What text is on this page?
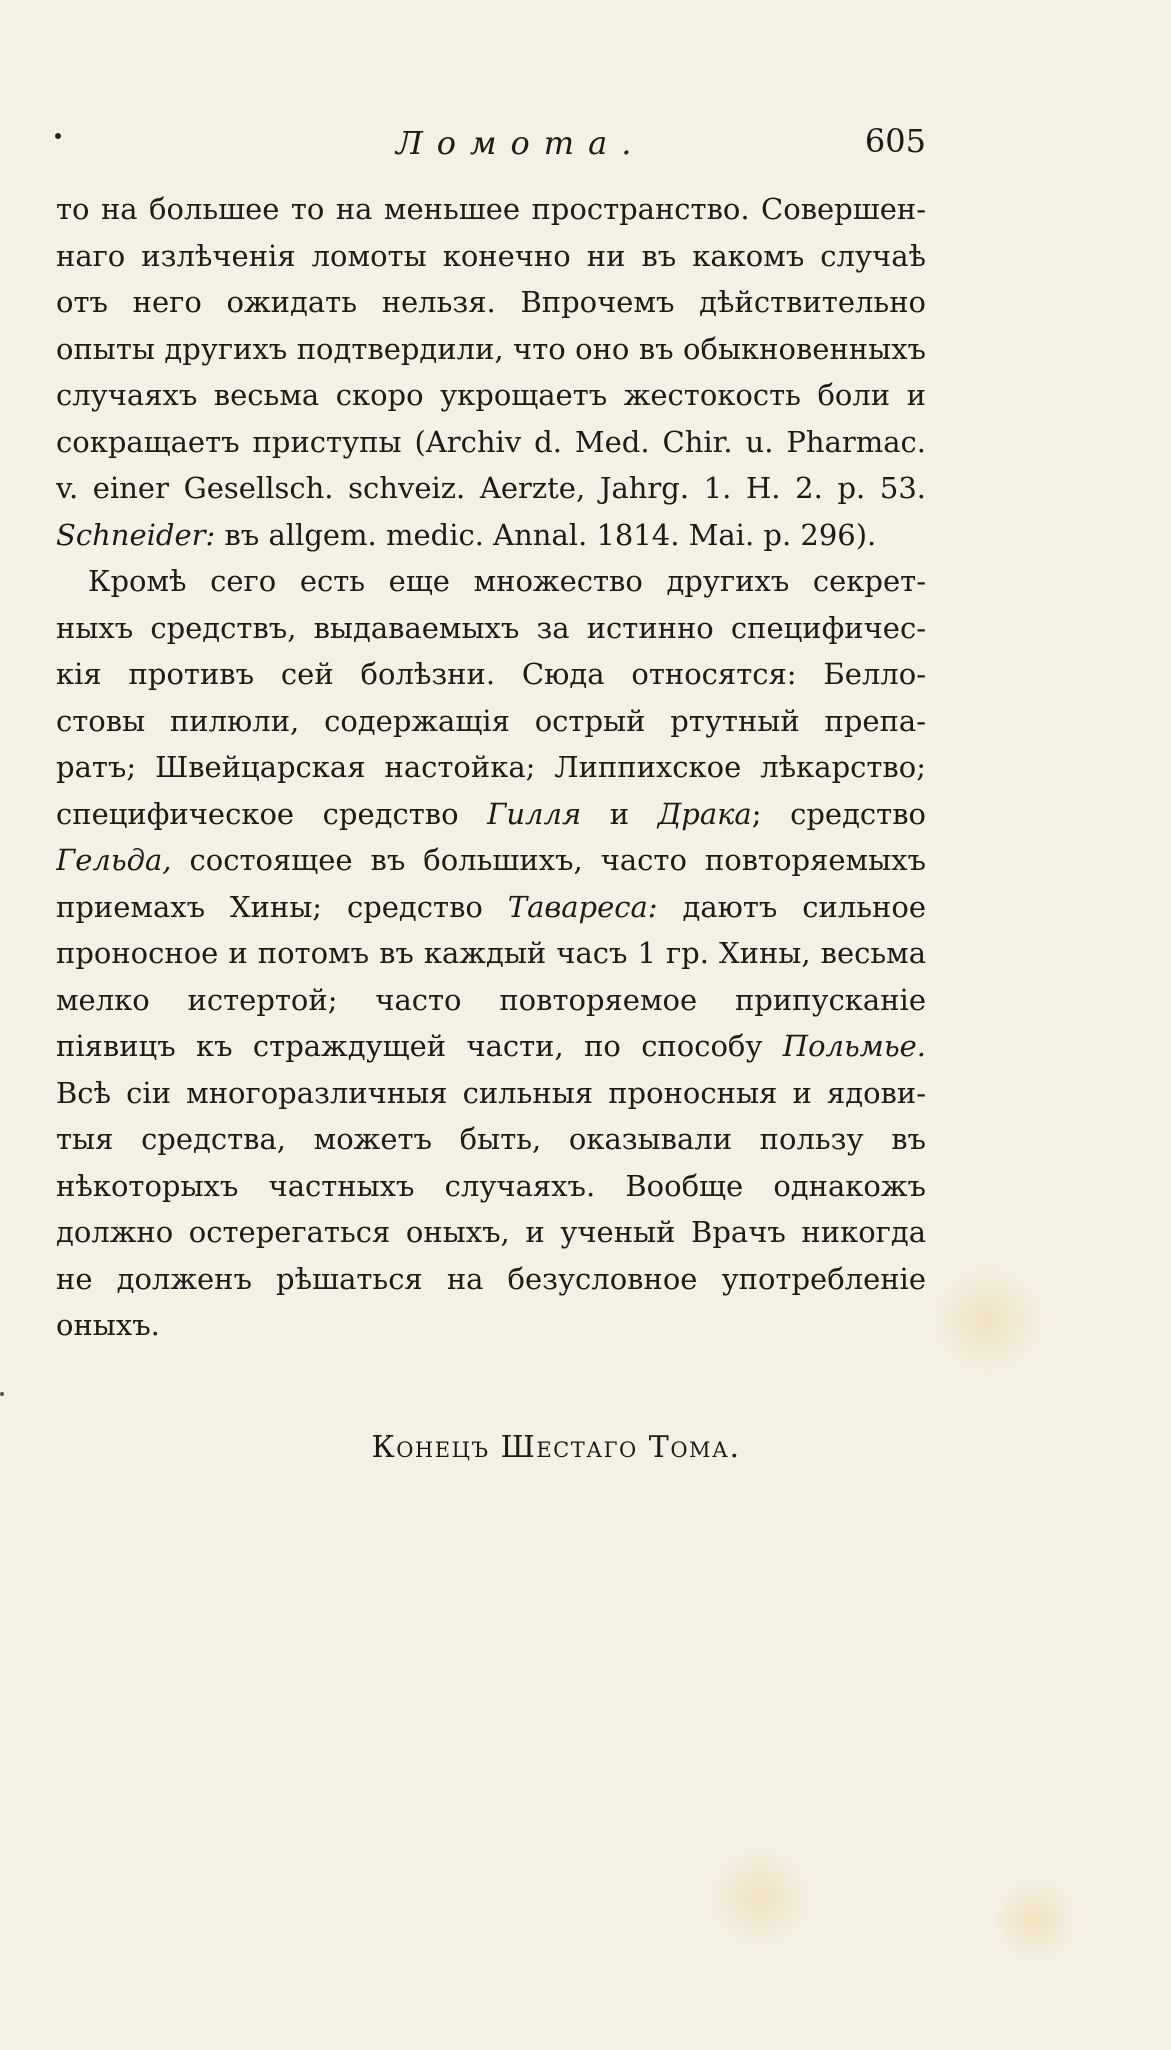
Ломота.	605
то на большее то на меньшее пространство. Совершен-
наго излѣченія ломоты конечно ни въ какомъ случаѣ
отъ него ожидать нельзя. Впрочемъ дѣйствительно
опыты другихъ подтвердили, что оно въ обыкновенныхъ
случаяхъ весьма скоро укрощаетъ жестокость боли и
сокращаетъ приступы (Archiv d. Med. Chir. u. Pharmac.
v. einer Gesellsch. schveiz. Aerzte, Jahrg. 1. H. 2. p. 53.
Schneider: въ allgem. medic. Annal. 1814. Mai. p. 296).
Кромѣ сего есть еще множество другихъ секрет-
ныхъ средствъ, выдаваемыхъ за истинно специфичес-
кія противъ сей болѣзни. Сюда относятся: Белло-
стовы пилюли, содержащія острый ртутный препа-
ратъ; Швейцарская настойка; Липпихское лѣкарство;
специфическое средство Гилля и Драка; средство
Гельда, состоящее въ большихъ, часто повторяемыхъ
приемахъ Хины; средство Тавареса: даютъ сильное
проносное и потомъ въ каждый часъ 1 гр. Хины, весьма
мелко истертой; часто повторяемое припусканіе
піявицъ къ страждущей части, по способу Польмье.
Всѣ сіи многоразличныя сильныя проносныя и ядови-
тыя средства, можетъ быть, оказывали пользу въ
нѣкоторыхъ частныхъ случаяхъ. Вообще однакожъ
должно остерегаться оныхъ, и ученый Врачъ никогда
не долженъ рѣшаться на безусловное употребленіе
оныхъ.
Конецъ Шестаго Тома.
